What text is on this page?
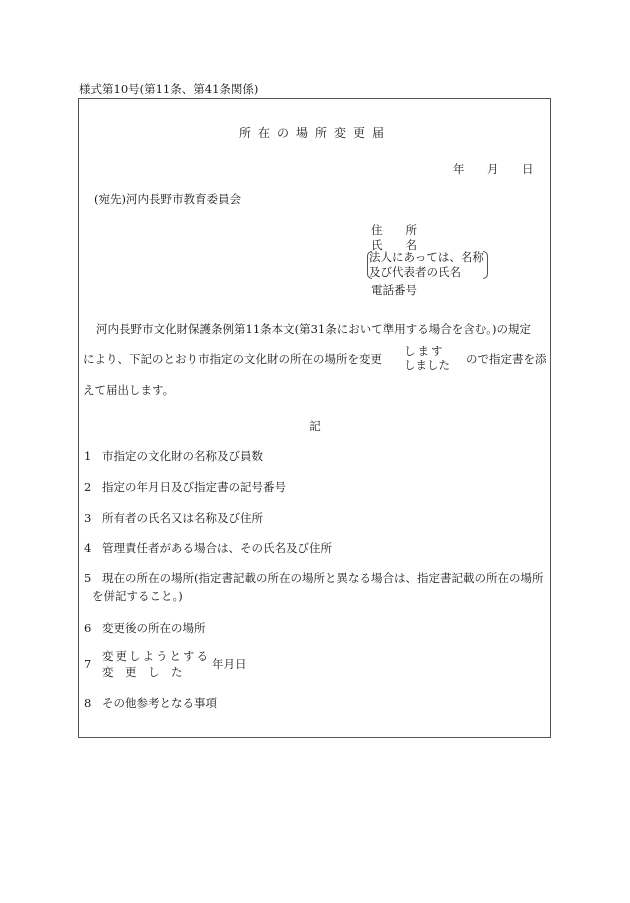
様式第10号(第11条、第41条関係)
所在の場所変更届
年 月 日
(宛先)河内長野市教育委員会
住　　所
氏　　名
法人にあっては、名称
及び代表者の氏名
電話番号
河内長野市文化財保護条例第11条本文(第31条において準用する場合を含む。)の規定
により、下記のとおり市指定の文化財の所在の場所を変更
します
しました ので指定書を添
えて届出します。
記
1 市指定の文化財の名称及び員数
2 指定の年月日及び指定書の記号番号
3 所有者の氏名又は名称及び住所
4 管理責任者がある場合は、その氏名及び住所
5 現在の所在の場所(指定書記載の所在の場所と異なる場合は、指定書記載の所在の場所
を併記すること。)
6 変更後の所在の場所
7
変更しようとする
変　更　し　た
年月日
8 その他参考となる事項
